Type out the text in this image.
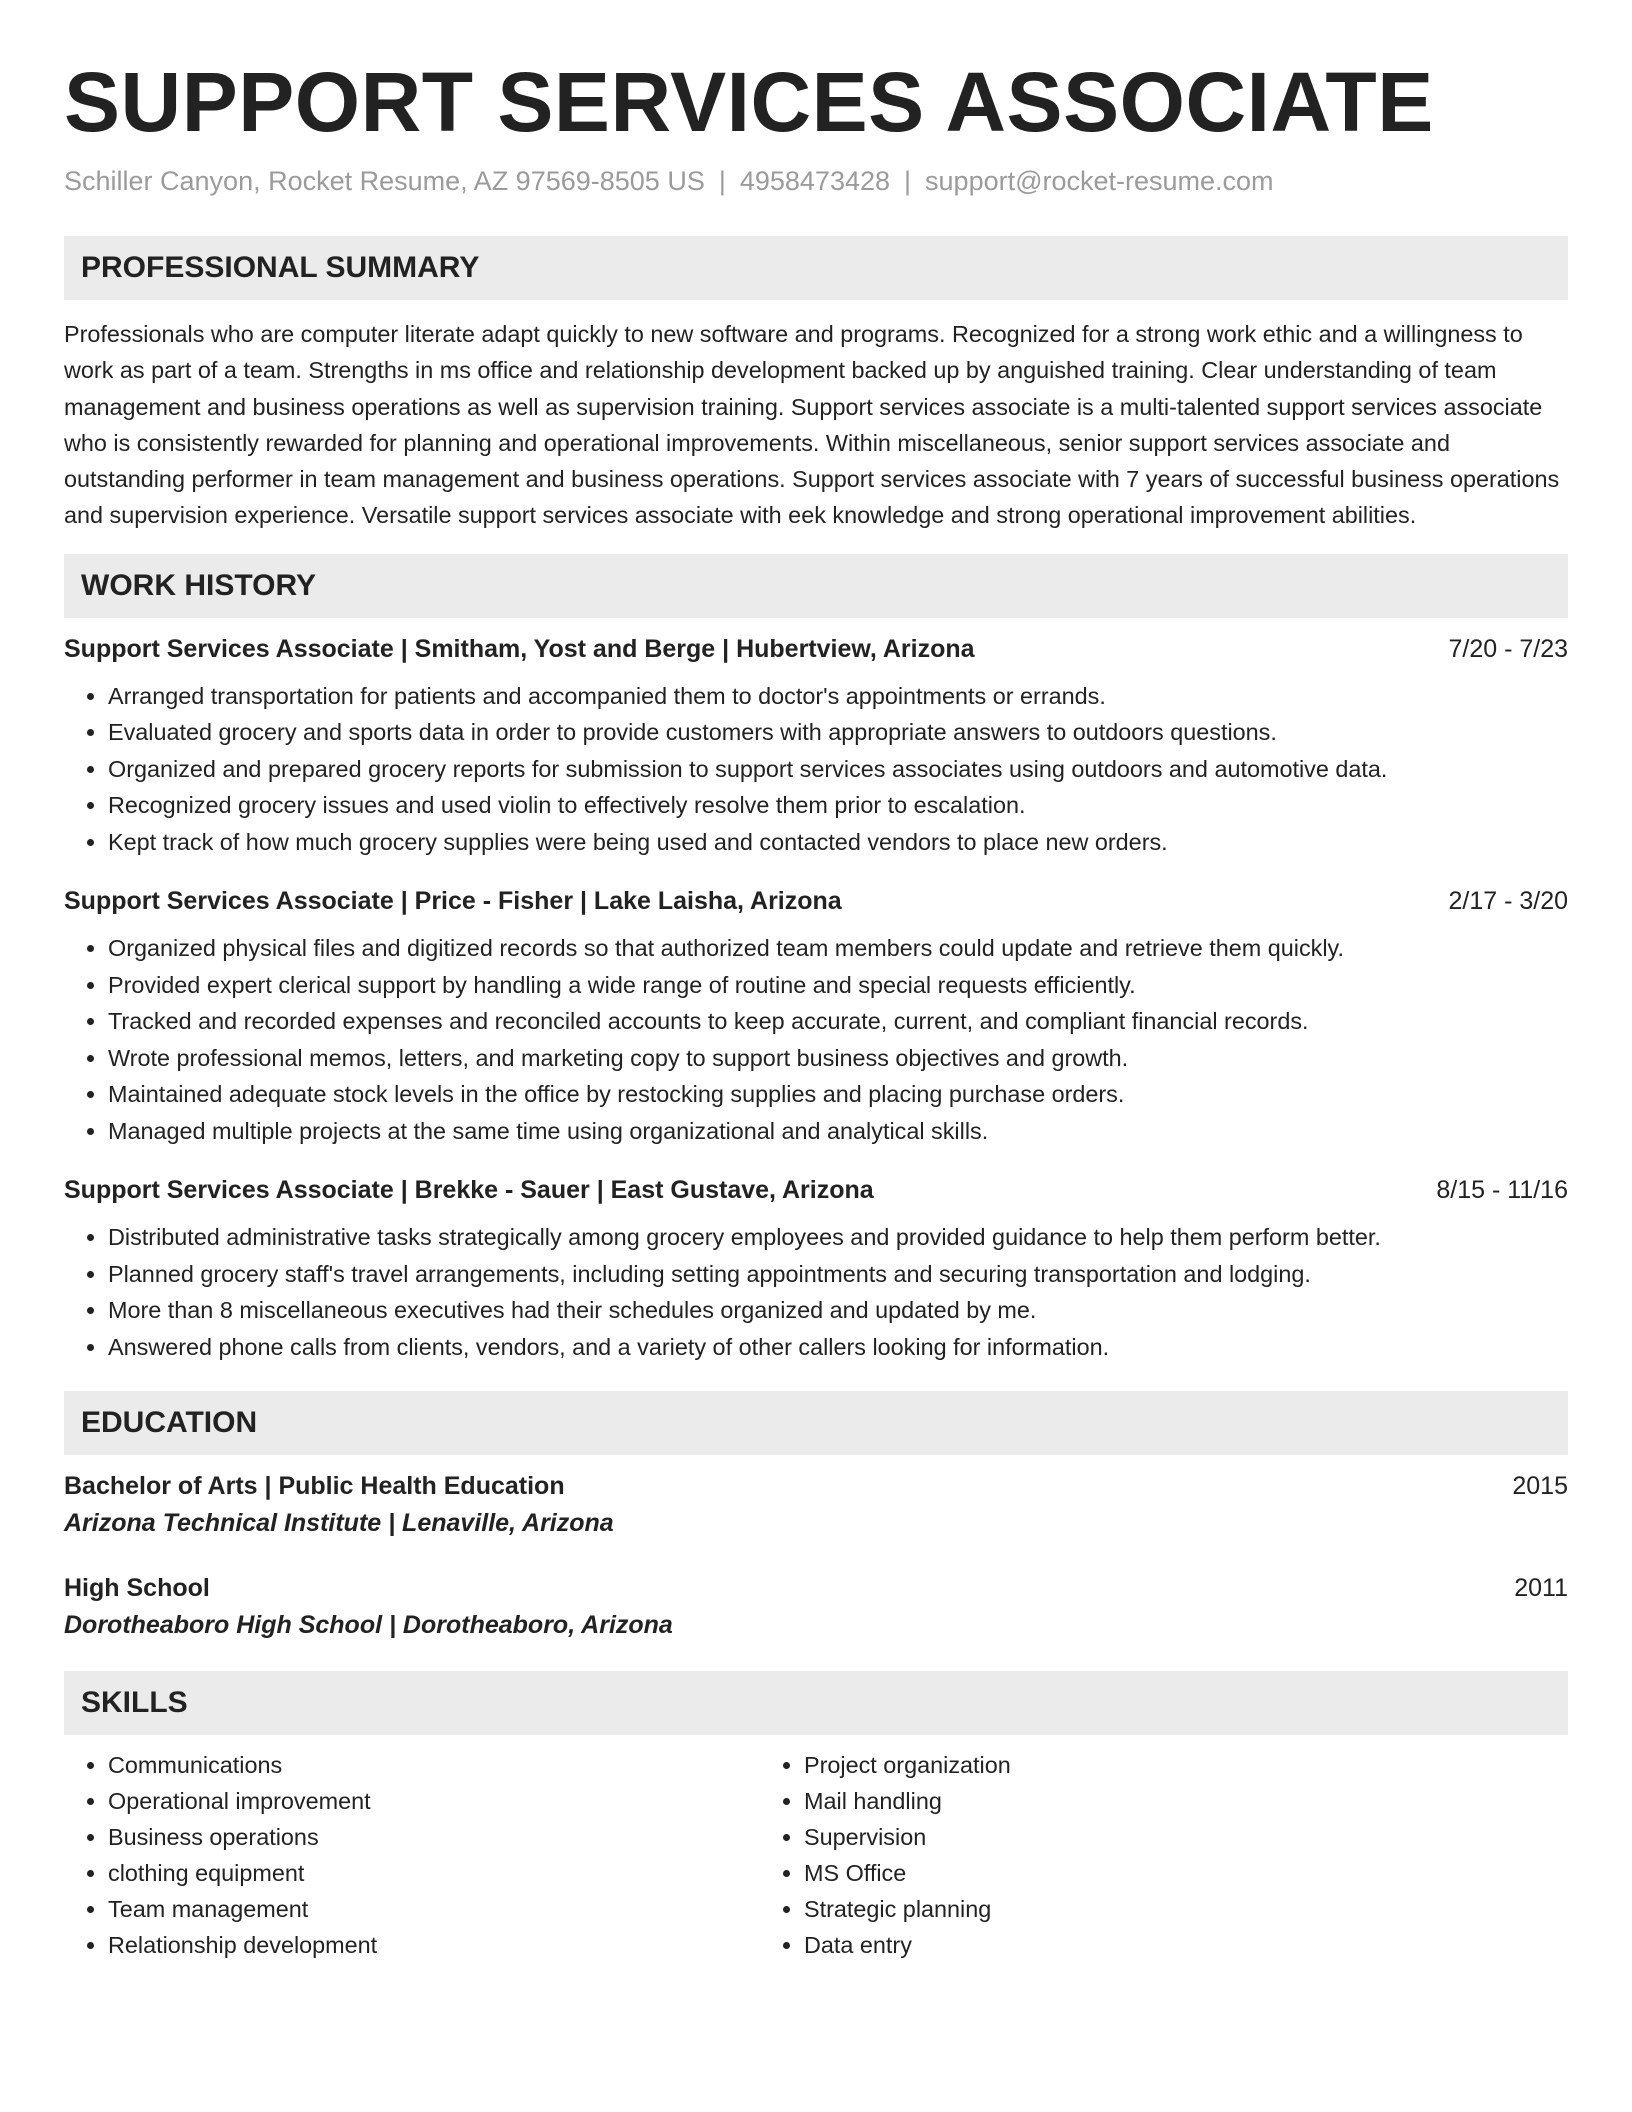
SUPPORT SERVICES ASSOCIATE
Schiller Canyon, Rocket Resume, AZ 97569-8505 US | 4958473428 | support@rocket-resume.com
PROFESSIONAL SUMMARY

Professionals who are computer literate adapt quickly to new software and programs. Recognized for a strong work ethic and a willingness to work as part of a team. Strengths in ms office and relationship development backed up by anguished training. Clear understanding of team management and business operations as well as supervision training. Support services associate is a multi-talented support services associate who is consistently rewarded for planning and operational improvements. Within miscellaneous, senior support services associate and outstanding performer in team management and business operations. Support services associate with 7 years of successful business operations and supervision experience. Versatile support services associate with eek knowledge and strong operational improvement abilities.

WORK HISTORY
Support Services Associate | Smitham, Yost and Berge | Hubertview, Arizona	7/20 - 7/23
• Arranged transportation for patients and accompanied them to doctor's appointments or errands.
• Evaluated grocery and sports data in order to provide customers with appropriate answers to outdoors questions.
• Organized and prepared grocery reports for submission to support services associates using outdoors and automotive data.
• Recognized grocery issues and used violin to effectively resolve them prior to escalation.
• Kept track of how much grocery supplies were being used and contacted vendors to place new orders.
Support Services Associate | Price - Fisher | Lake Laisha, Arizona	2/17 - 3/20
• Organized physical files and digitized records so that authorized team members could update and retrieve them quickly.
• Provided expert clerical support by handling a wide range of routine and special requests efficiently.
• Tracked and recorded expenses and reconciled accounts to keep accurate, current, and compliant financial records.
• Wrote professional memos, letters, and marketing copy to support business objectives and growth.
• Maintained adequate stock levels in the office by restocking supplies and placing purchase orders.
• Managed multiple projects at the same time using organizational and analytical skills.
Support Services Associate | Brekke - Sauer | East Gustave, Arizona	8/15 - 11/16
• Distributed administrative tasks strategically among grocery employees and provided guidance to help them perform better.
• Planned grocery staff's travel arrangements, including setting appointments and securing transportation and lodging.
• More than 8 miscellaneous executives had their schedules organized and updated by me.
• Answered phone calls from clients, vendors, and a variety of other callers looking for information.
EDUCATION
Bachelor of Arts | Public Health Education	2015
Arizona Technical Institute | Lenaville, Arizona
High School	2011
Dorotheaboro High School | Dorotheaboro, Arizona
SKILLS
• Communications
• Operational improvement
• Business operations
• clothing equipment
• Team management
• Relationship development
• Project organization
• Mail handling
• Supervision
• MS Office
• Strategic planning
• Data entry
